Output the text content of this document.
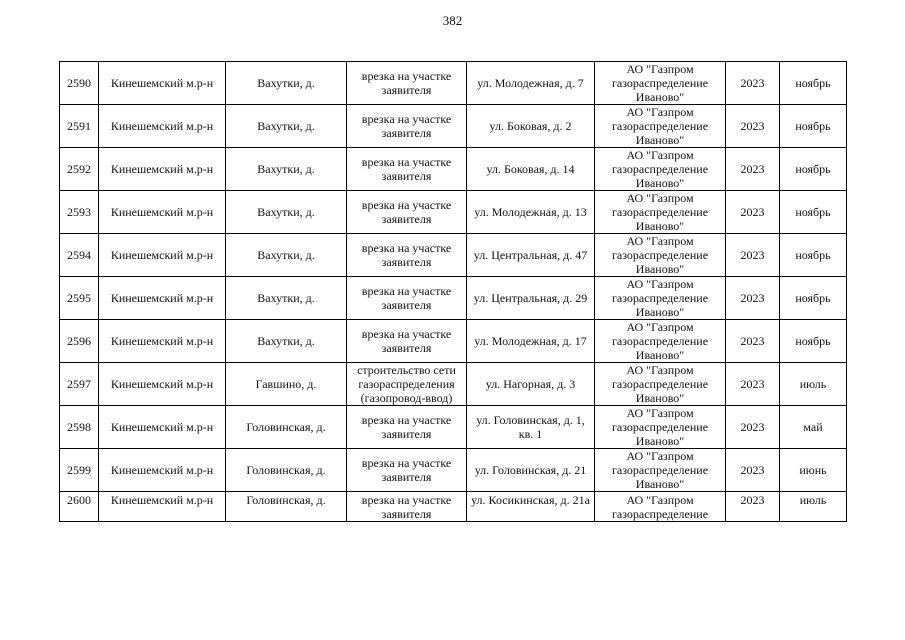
382
2590	Кинешемский м.р-н	Вахутки, д.	врезка на участке заявителя	ул. Молодежная, д. 7	АО "Газпром газораспределение Иваново"	2023	ноябрь
2591	Кинешемский м.р-н	Вахутки, д.	врезка на участке заявителя	ул. Боковая, д. 2	АО "Газпром газораспределение Иваново"	2023	ноябрь
2592	Кинешемский м.р-н	Вахутки, д.	врезка на участке заявителя	ул. Боковая, д. 14	АО "Газпром газораспределение Иваново"	2023	ноябрь
2593	Кинешемский м.р-н	Вахутки, д.	врезка на участке заявителя	ул. Молодежная, д. 13	АО "Газпром газораспределение Иваново"	2023	ноябрь
2594	Кинешемский м.р-н	Вахутки, д.	врезка на участке заявителя	ул. Центральная, д. 47	АО "Газпром газораспределение Иваново"	2023	ноябрь
2595	Кинешемский м.р-н	Вахутки, д.	врезка на участке заявителя	ул. Центральная, д. 29	АО "Газпром газораспределение Иваново"	2023	ноябрь
2596	Кинешемский м.р-н	Вахутки, д.	врезка на участке заявителя	ул. Молодежная, д. 17	АО "Газпром газораспределение Иваново"	2023	ноябрь
2597	Кинешемский м.р-н	Гавшино, д.	строительство сети газораспределения (газопровод-ввод)	ул. Нагорная, д. 3	АО "Газпром газораспределение Иваново"	2023	июль
2598	Кинешемский м.р-н	Головинская, д.	врезка на участке заявителя	ул. Головинская, д. 1, кв. 1	АО "Газпром газораспределение Иваново"	2023	май
2599	Кинешемский м.р-н	Головинская, д.	врезка на участке заявителя	ул. Головинская, д. 21	АО "Газпром газораспределение Иваново"	2023	июнь
2600	Кинешемский м.р-н	Головинская, д.	врезка на участке заявителя	ул. Косикинская, д. 21а	АО "Газпром газораспределение	2023	июль
